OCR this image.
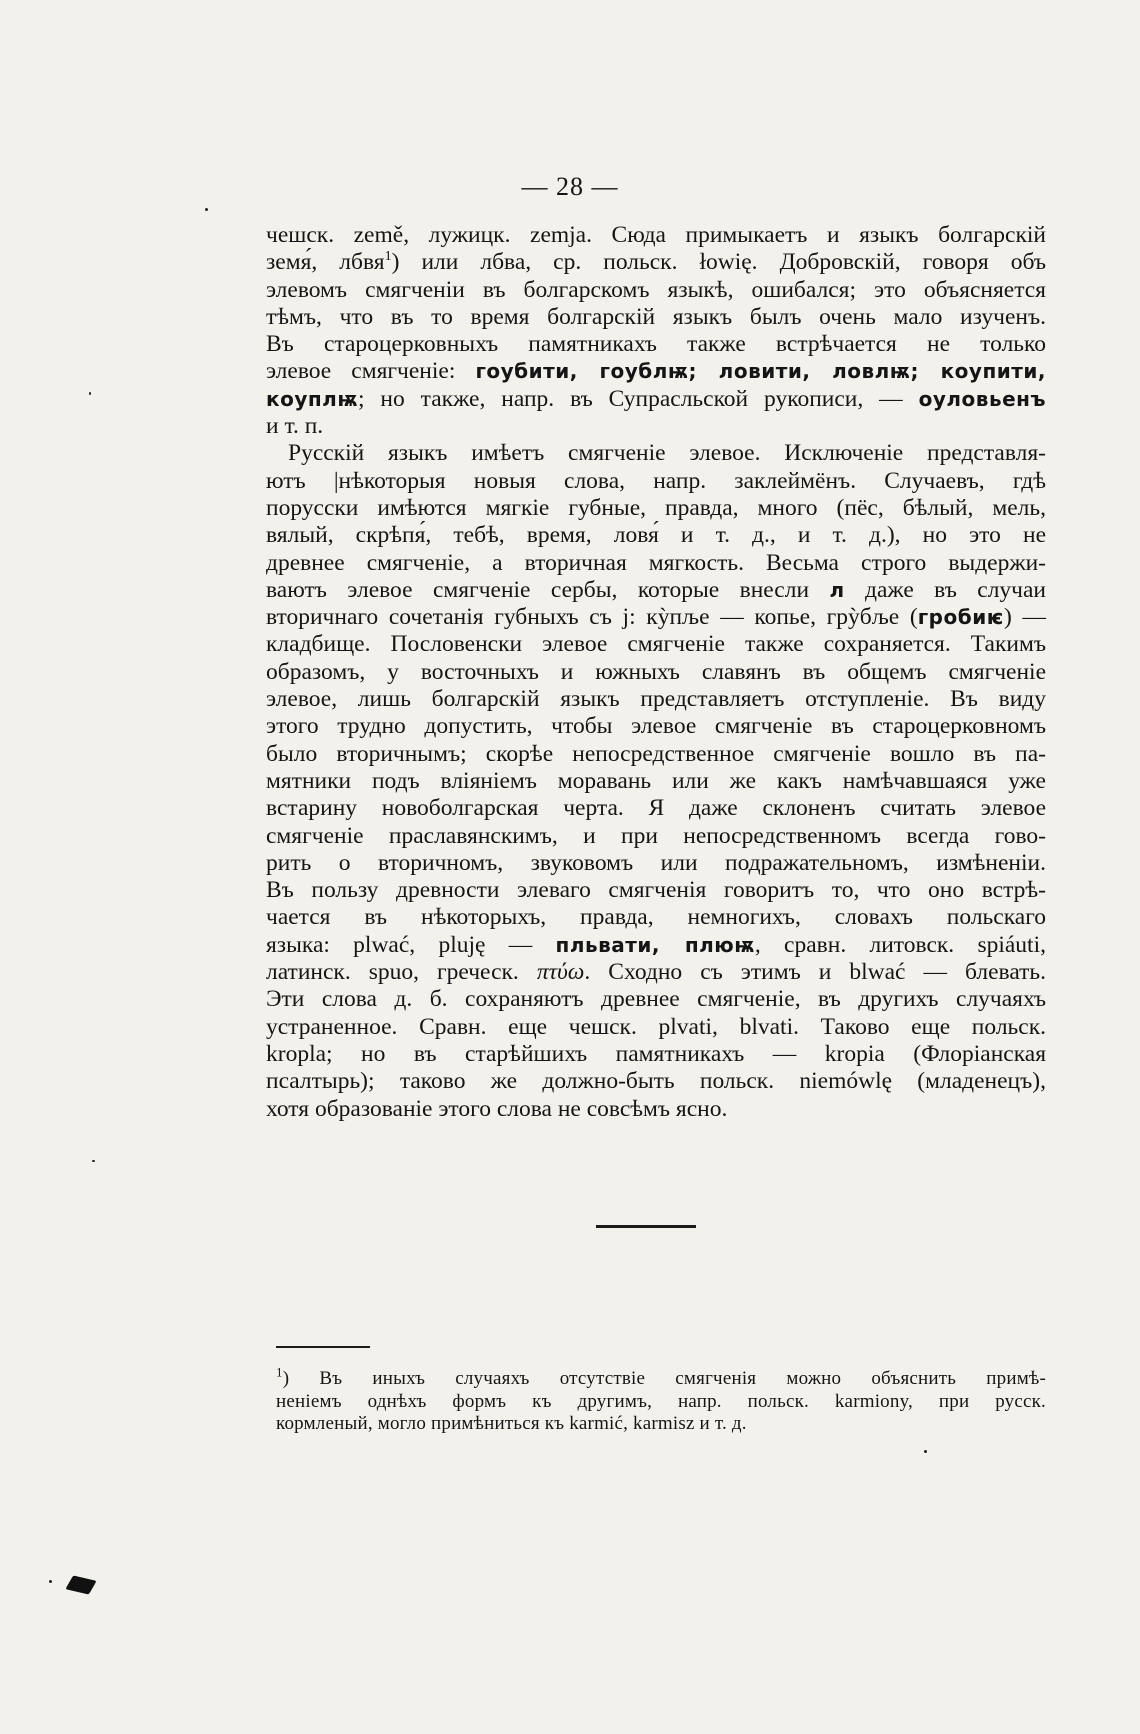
— 28 —
чешск. země, лужицк. zemja. Сюда примыкаетъ и языкъ болгарскій
земя́, лбвя$^1$) или лбва, ср. польск. łowię. Добровскій, говоря объ
элевомъ смягченіи въ болгарскомъ языкѣ, ошибался; это объясняется
тѣмъ, что въ то время болгарскій языкъ былъ очень мало изученъ.
Въ староцерковныхъ памятникахъ также встрѣчается не только
элевое смягченіе: гоубити, гоублѭ; ловити, ловлѭ; коупити,
коуплѭ; но также, напр. въ Супрасльской рукописи, — оуловьенъ
и т. п.
Русскій языкъ имѣетъ смягченіе элевое. Исключеніе представля-
ютъ |нѣкоторыя новыя слова, напр. заклеймёнъ. Случаевъ, гдѣ
порусски имѣются мягкіе губные, правда, много (пёс, бѣлый, мель,
вялый, скрѣпя́, тебѣ, время, ловя́ и т. д., и т. д.), но это не
древнее смягченіе, а вторичная мягкость. Весьма строго выдержи-
ваютъ элевое смягченіе сербы, которые внесли л даже въ случаи
вторичнаго сочетанія губныхъ съ j: кỳпље — копье, грỳбље (гробиѥ) —
кладбище. Пословенски элевое смягченіе также сохраняется. Такимъ
образомъ, у восточныхъ и южныхъ славянъ въ общемъ смягченіе
элевое, лишь болгарскій языкъ представляетъ отступленіе. Въ виду
этого трудно допустить, чтобы элевое смягченіе въ староцерковномъ
было вторичнымъ; скорѣе непосредственное смягченіе вошло въ па-
мятники подъ вліяніемъ моравань или же какъ намѣчавшаяся уже
встарину новоболгарская черта. Я даже склоненъ считать элевое
смягченіе праславянскимъ, и при непосредственномъ всегда гово-
рить о вторичномъ, звуковомъ или подражательномъ, измѣненіи.
Въ пользу древности элеваго смягченія говоритъ то, что оно встрѣ-
чается въ нѣкоторыхъ, правда, немногихъ, словахъ польскаго
языка: plwać, pluję — пльвати, плюѭ, сравн. литовск. spiáuti,
латинск. spuo, греческ. πτύω. Сходно съ этимъ и blwać — блевать.
Эти слова д. б. сохраняютъ древнее смягченіе, въ другихъ случаяхъ
устраненное. Сравн. еще чешск. plvati, blvati. Таково еще польск.
kropla; но въ старѣйшихъ памятникахъ — kropia (Флоріанская
псалтырь); таково же должно-быть польск. niemówlę (младенецъ),
хотя образованіе этого слова не совсѣмъ ясно.
$^1$) Въ иныхъ случаяхъ отсутствіе смягченія можно объяснить примѣ-
неніемъ однѣхъ формъ къ другимъ, напр. польск. karmiony, при русск.
кормленый, могло примѣниться къ karmić, karmisz и т. д.
